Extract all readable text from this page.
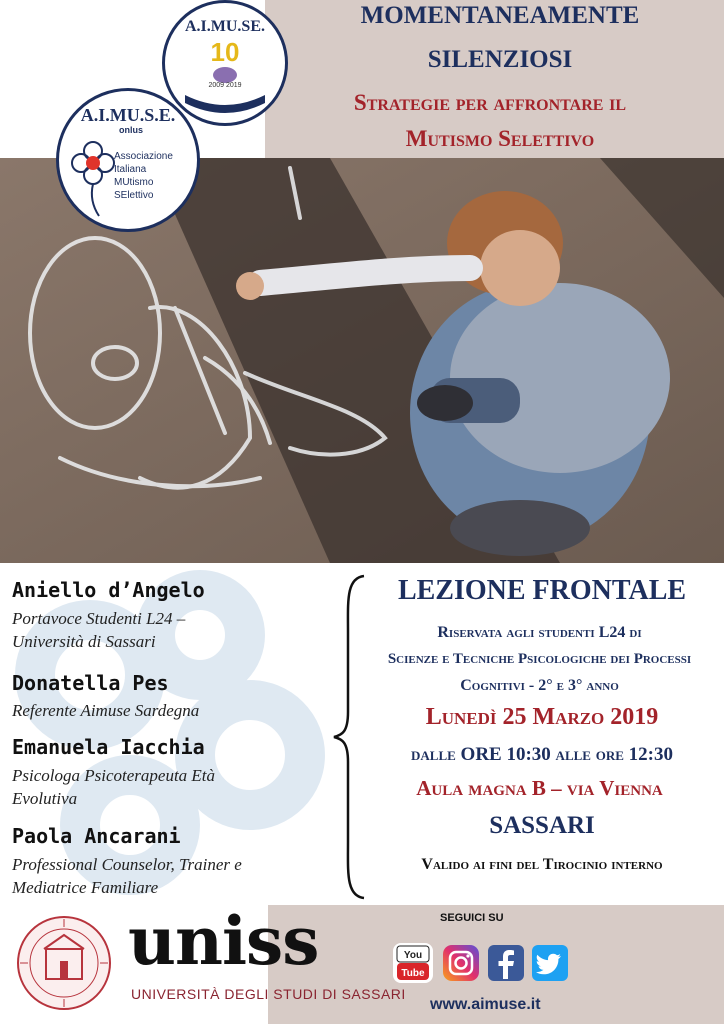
MOMENTANEAMENTE
SILENZIOSI
Strategie per affrontare il
Mutismo Selettivo
A.I.MU.SE.
10
2009 2019
A.I.MU.S.E.
onlus
Associazione
Italiana
MUtismo
SElettivo
Aniello d’Angelo
Portavoce Studenti L24 –
Università di Sassari
Donatella Pes
Referente Aimuse Sardegna
Emanuela Iacchia
Psicologa Psicoterapeuta Età
Evolutiva
Paola Ancarani
Professional Counselor, Trainer e
Mediatrice Familiare
LEZIONE FRONTALE
Riservata agli studenti L24 di
Scienze e Tecniche Psicologiche dei Processi
Cognitivi - 2° e 3° anno
Lunedì 25 Marzo 2019
dalle ORE 10:30 alle ore 12:30
Aula magna B – via Vienna
SASSARI
Valido ai fini del Tirocinio interno
uniss
UNIVERSITÀ DEGLI STUDI DI SASSARI
SEGUICI SU
You
Tube
www.aimuse.it
